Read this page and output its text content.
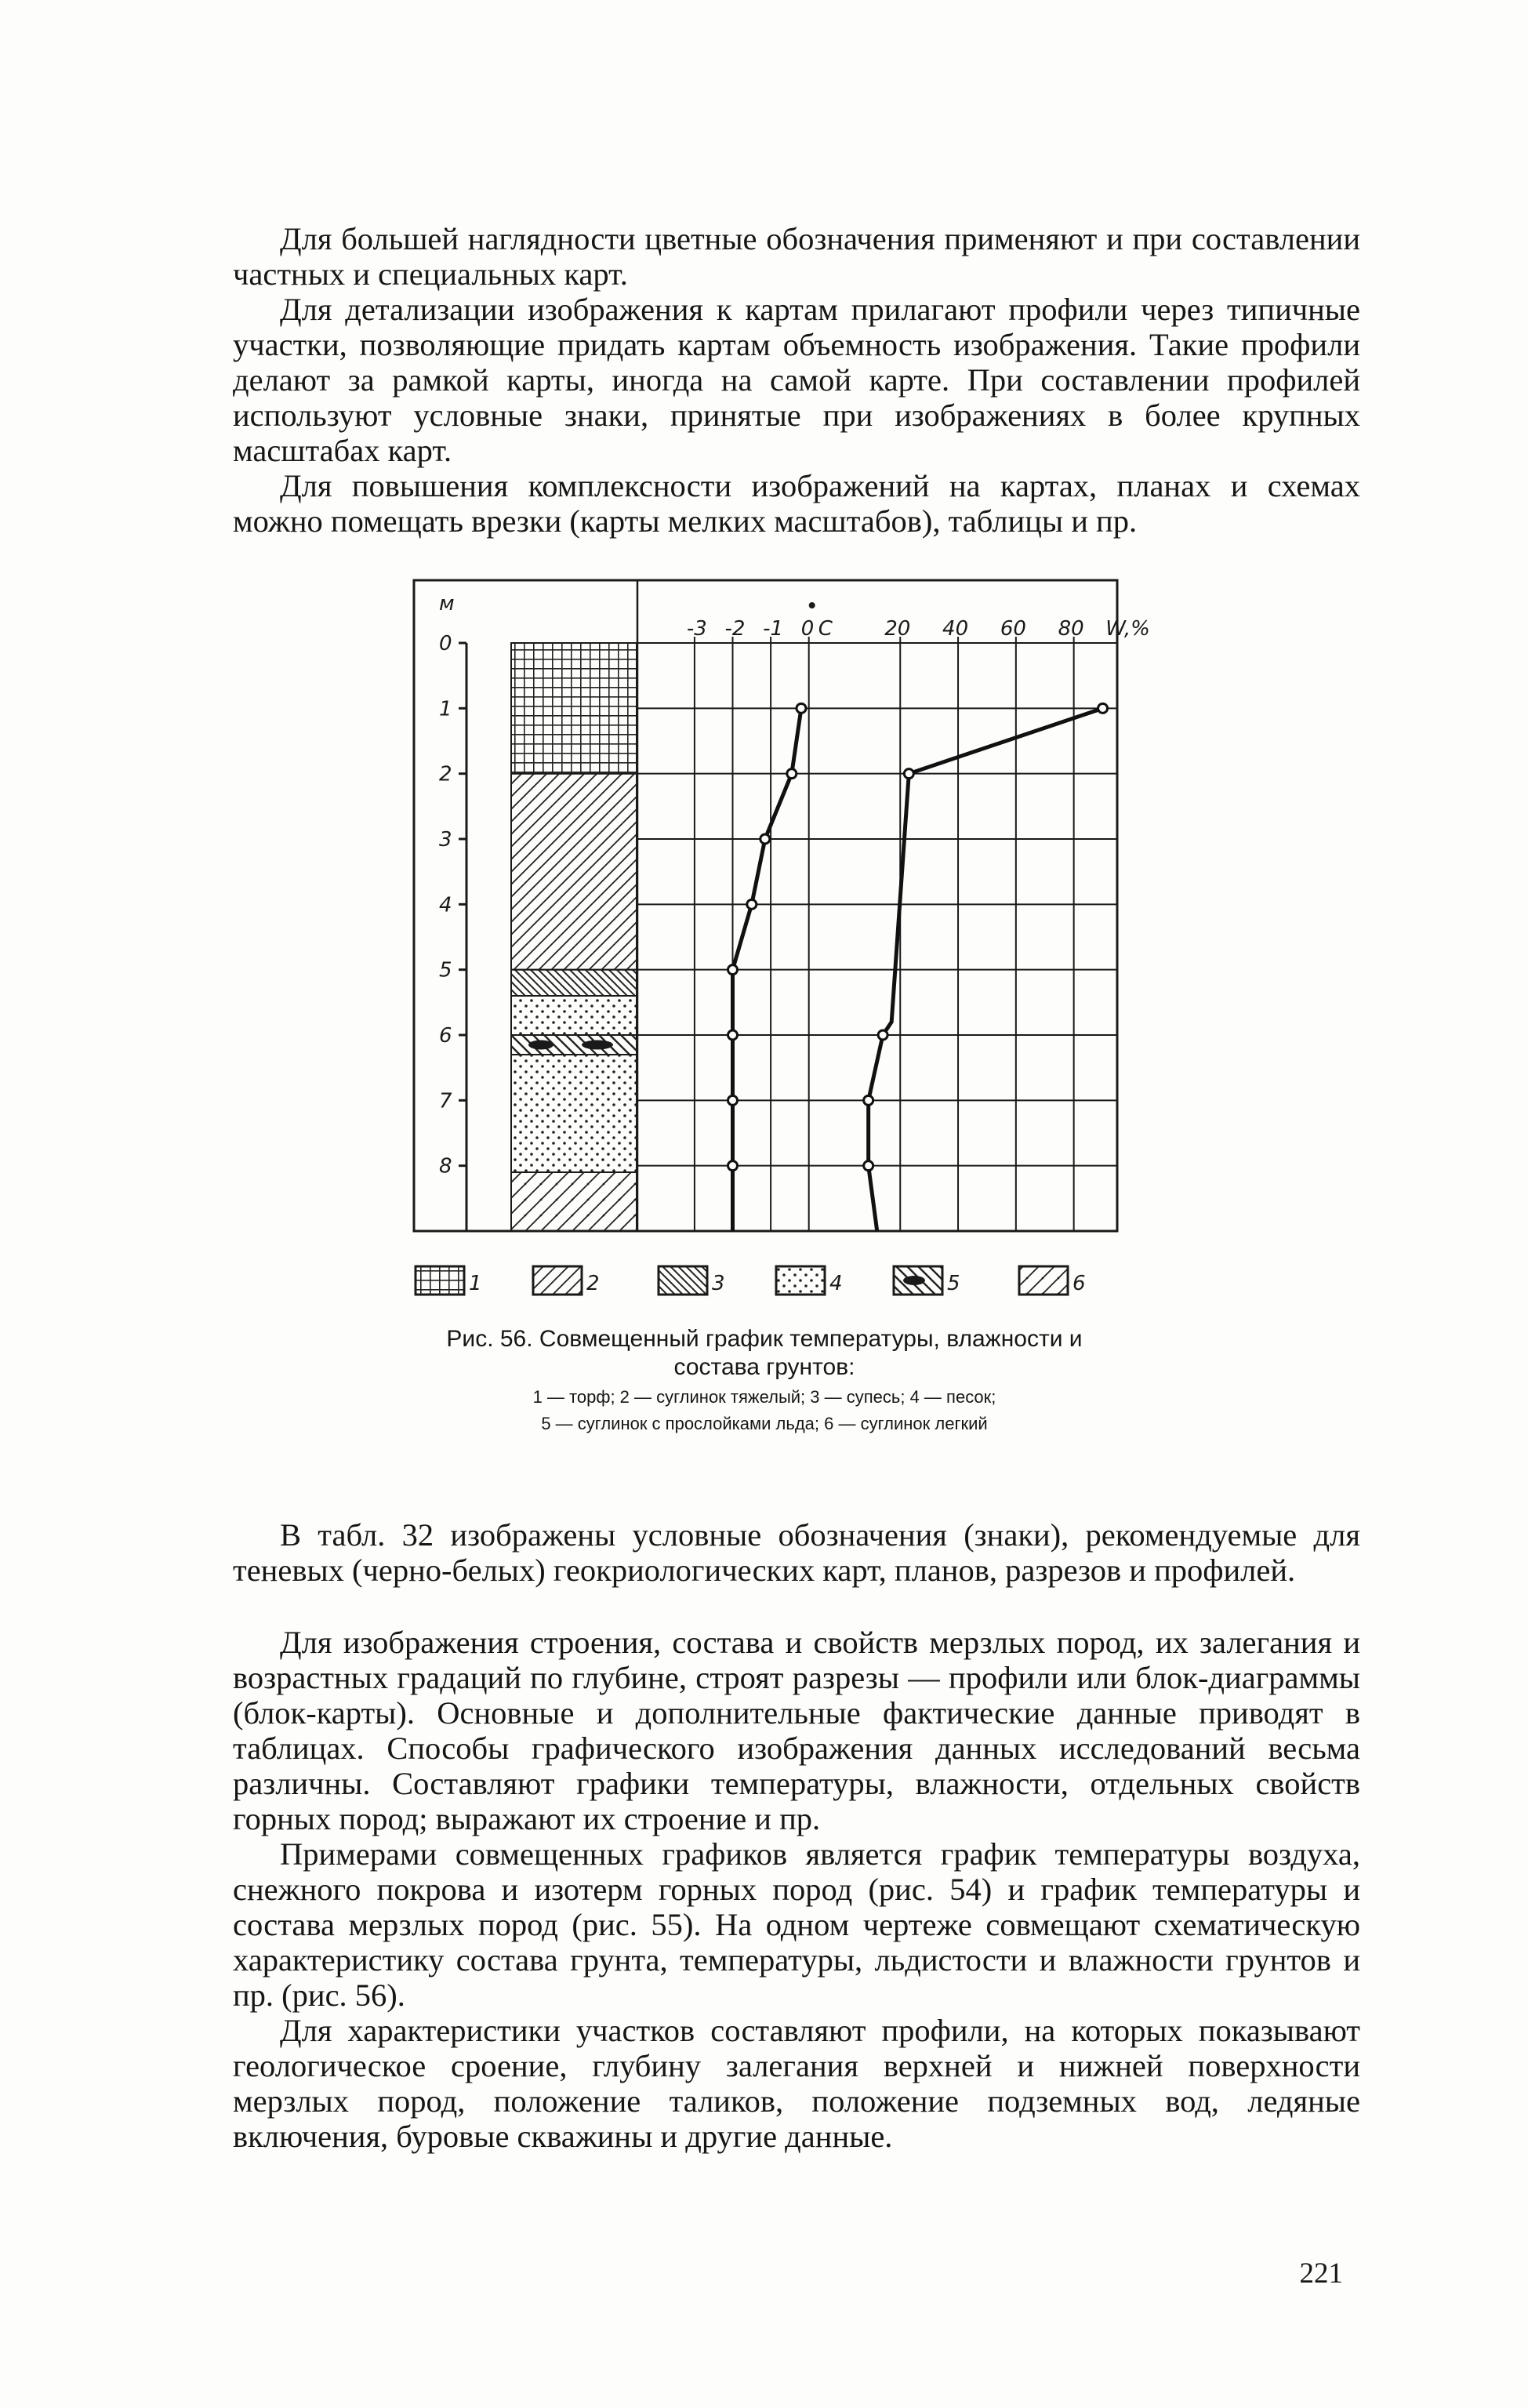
Для большей наглядности цветные обозначения применяют и при составлении частных и специальных карт.

Для детализации изображения к картам прилагают профили через типичные участки, позволяющие придать картам объемность изображения. Такие профили делают за рамкой карты, иногда на самой карте. При составлении профилей используют условные знаки, принятые при изображениях в более крупных масштабах карт.

Для повышения комплексности изображений на картах, планах и схемах можно помещать врезки (карты мелких масштабов), таблицы и пр.

м
0
1
2
3
4
5
6
7
8
-3 -2 -1 0 С	20 40 60 80 W,%
1	2	3	4	5	6

Рис. 56. Совмещенный график температуры, влажности и
состава грунтов:

1 — торф; 2 — суглинок тяжелый; 3 — супесь; 4 — песок;
5 — суглинок с прослойками льда; 6 — суглинок легкий

В табл. 32 изображены условные обозначения (знаки), рекомендуемые для теневых (черно-белых) геокриологических карт, планов, разрезов и профилей.

Для изображения строения, состава и свойств мерзлых пород, их залегания и возрастных градаций по глубине, строят разрезы — профили или блок-диаграммы (блок-карты). Основные и дополнительные фактические данные приводят в таблицах. Способы графического изображения данных исследований весьма различны. Составляют графики температуры, влажности, отдельных свойств горных пород; выражают их строение и пр.

Примерами совмещенных графиков является график температуры воздуха, снежного покрова и изотерм горных пород (рис. 54) и график температуры и состава мерзлых пород (рис. 55). На одном чертеже совмещают схематическую характеристику состава грунта, температуры, льдистости и влажности грунтов и пр. (рис. 56).

Для характеристики участков составляют профили, на которых показывают геологическое сроение, глубину залегания верхней и нижней поверхности мерзлых пород, положение таликов, положение подземных вод, ледяные включения, буровые скважины и другие данные.

221
